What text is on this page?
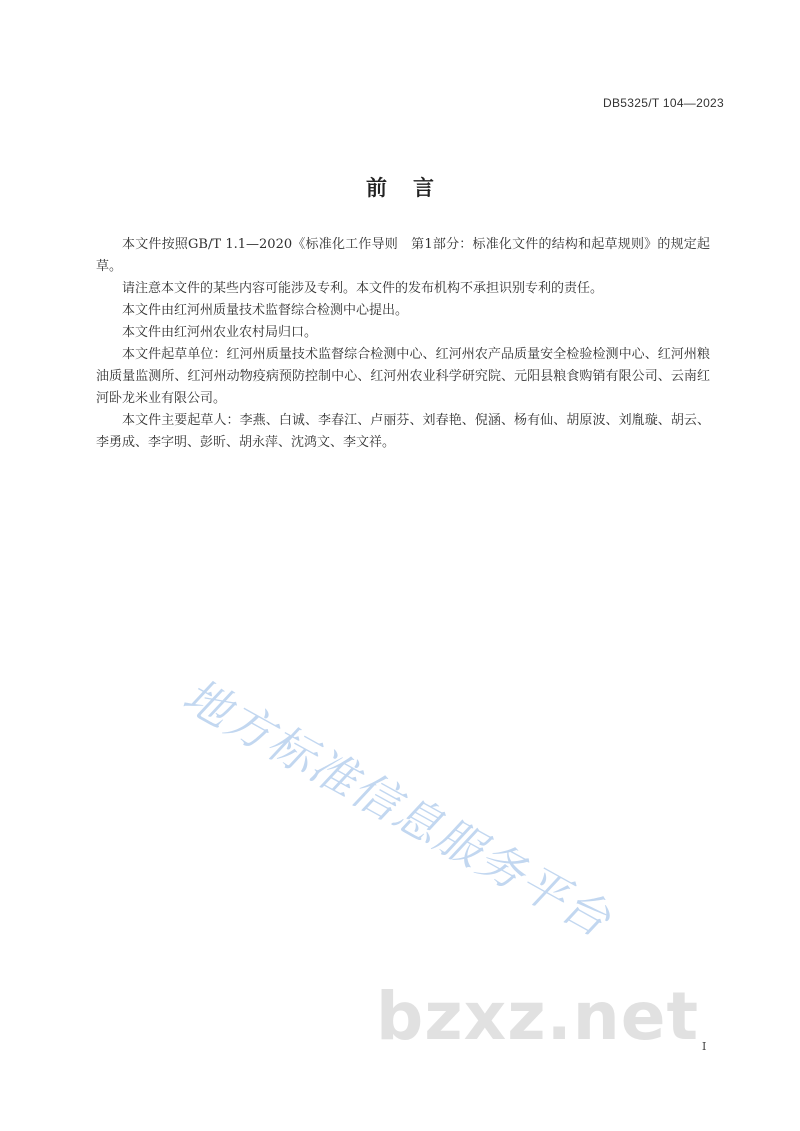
DB5325/T 104—2023
前言

本文件按照GB/T 1.1—2020《标准化工作导则　第1部分：标准化文件的结构和起草规则》的规定起草。

请注意本文件的某些内容可能涉及专利。本文件的发布机构不承担识别专利的责任。

本文件由红河州质量技术监督综合检测中心提出。

本文件由红河州农业农村局归口。

本文件起草单位：红河州质量技术监督综合检测中心、红河州农产品质量安全检验检测中心、红河州粮油质量监测所、红河州动物疫病预防控制中心、红河州农业科学研究院、元阳县粮食购销有限公司、云南红河卧龙米业有限公司。

本文件主要起草人：李燕、白诚、李春江、卢丽芬、刘春艳、倪涵、杨有仙、胡原波、刘胤璇、胡云、李勇成、李字明、彭昕、胡永萍、沈鸿文、李文祥。

地方标准信息服务平台
bzxz.net I
